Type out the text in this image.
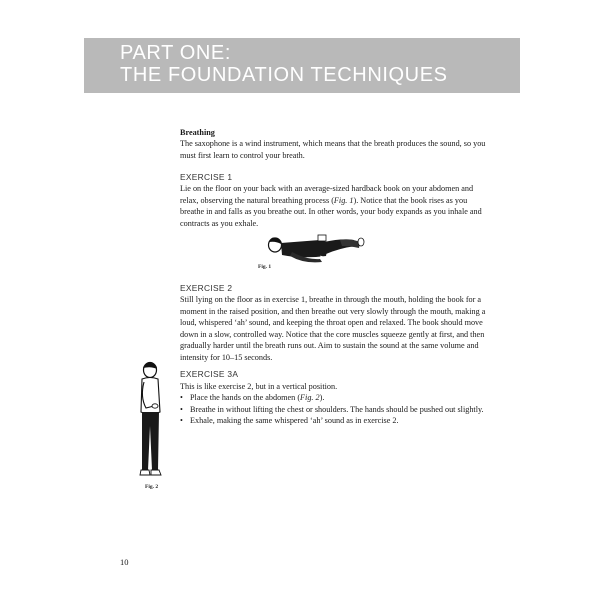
PART ONE:

THE FOUNDATION TECHNIQUES

Breathing

The saxophone is a wind instrument, which means that the breath produces the sound, so you must first learn to control your breath.

EXERCISE 1

Lie on the floor on your back with an average-sized hardback book on your abdomen and relax, observing the natural breathing process (Fig. 1). Notice that the book rises as you breathe in and falls as you breathe out. In other words, your body expands as you inhale and contracts as you exhale.

Fig. 1

EXERCISE 2

Still lying on the floor as in exercise 1, breathe in through the mouth, holding the book for a moment in the raised position, and then breathe out very slowly through the mouth, making a loud, whispered ‘ah’ sound, and keeping the throat open and relaxed. The book should move down in a slow, controlled way. Notice that the core muscles squeeze gently at first, and then gradually harder until the breath runs out. Aim to sustain the sound at the same volume and intensity for 10–15 seconds.

EXERCISE 3A

This is like exercise 2, but in a vertical position.

• Place the hands on the abdomen (Fig. 2).
• Breathe in without lifting the chest or shoulders. The hands should be pushed out slightly.
• Exhale, making the same whispered ‘ah’ sound as in exercise 2.
Fig. 2
10
